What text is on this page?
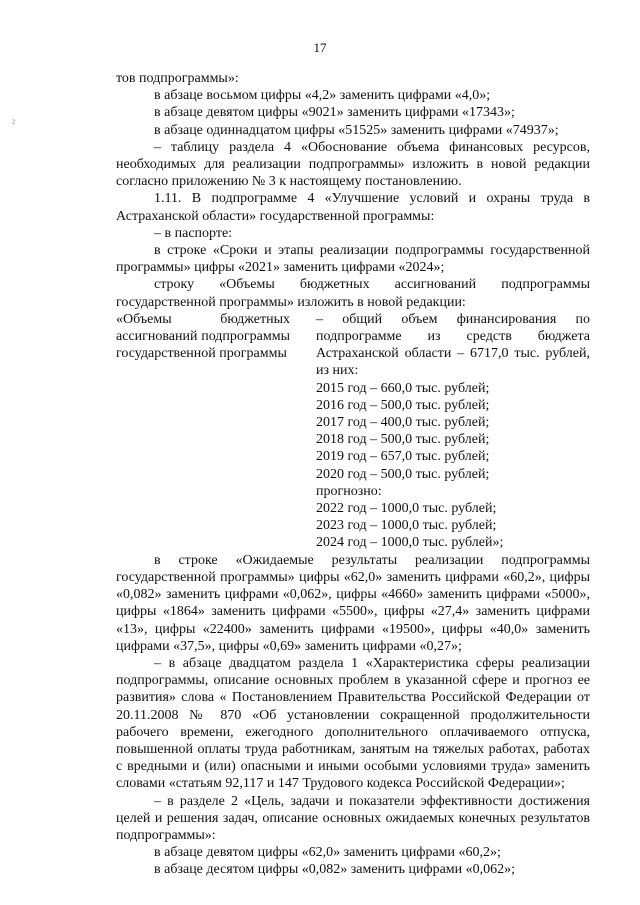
17
²

тов подпрограммы»:

в абзаце восьмом цифры «4,2» заменить цифрами «4,0»;

в абзаце девятом цифры «9021» заменить цифрами «17343»;

в абзаце одиннадцатом цифры «51525» заменить цифрами «74937»;

– таблицу раздела 4 «Обоснование объема финансовых ресурсов, необходимых для реализации подпрограммы» изложить в новой редакции согласно приложению № 3 к настоящему постановлению.

1.11. В подпрограмме 4 «Улучшение условий и охраны труда в Астраханской области» государственной программы:

– в паспорте:

в строке «Сроки и этапы реализации подпрограммы государственной программы» цифры «2021» заменить цифрами «2024»;

строку «Объемы бюджетных ассигнований подпрограммы государственной программы» изложить в новой редакции:

«Объемы бюджетных ассигнований подпрограммы государственной программы

– общий объем финансирования по подпрограмме из средств бюджета Астраханской области – 6717,0 тыс. рублей, из них:

2015 год – 660,0 тыс. рублей;

2016 год – 500,0 тыс. рублей;

2017 год – 400,0 тыс. рублей;

2018 год – 500,0 тыс. рублей;

2019 год – 657,0 тыс. рублей;

2020 год – 500,0 тыс. рублей;

прогнозно:

2022 год – 1000,0 тыс. рублей;

2023 год – 1000,0 тыс. рублей;

2024 год – 1000,0 тыс. рублей»;

в строке «Ожидаемые результаты реализации подпрограммы государственной программы» цифры «62,0» заменить цифрами «60,2», цифры «0,082» заменить цифрами «0,062», цифры «4660» заменить цифрами «5000», цифры «1864» заменить цифрами «5500», цифры «27,4» заменить цифрами «13», цифры «22400» заменить цифрами «19500», цифры «40,0» заменить цифрами «37,5», цифры «0,69» заменить цифрами «0,27»;

– в абзаце двадцатом раздела 1 «Характеристика сферы реализации подпрограммы, описание основных проблем в указанной сфере и прогноз ее развития» слова « Постановлением Правительства Российской Федерации от 20.11.2008 № 870 «Об установлении сокращенной продолжительности рабочего времени, ежегодного дополнительного оплачиваемого отпуска, повышенной оплаты труда работникам, занятым на тяжелых работах, работах с вредными и (или) опасными и иными особыми условиями труда» заменить словами «статьям 92,117 и 147 Трудового кодекса Российской Федерации»;

– в разделе 2 «Цель, задачи и показатели эффективности достижения целей и решения задач, описание основных ожидаемых конечных результатов подпрограммы»:

в абзаце девятом цифры «62,0» заменить цифрами «60,2»;

в абзаце десятом цифры «0,082» заменить цифрами «0,062»;
